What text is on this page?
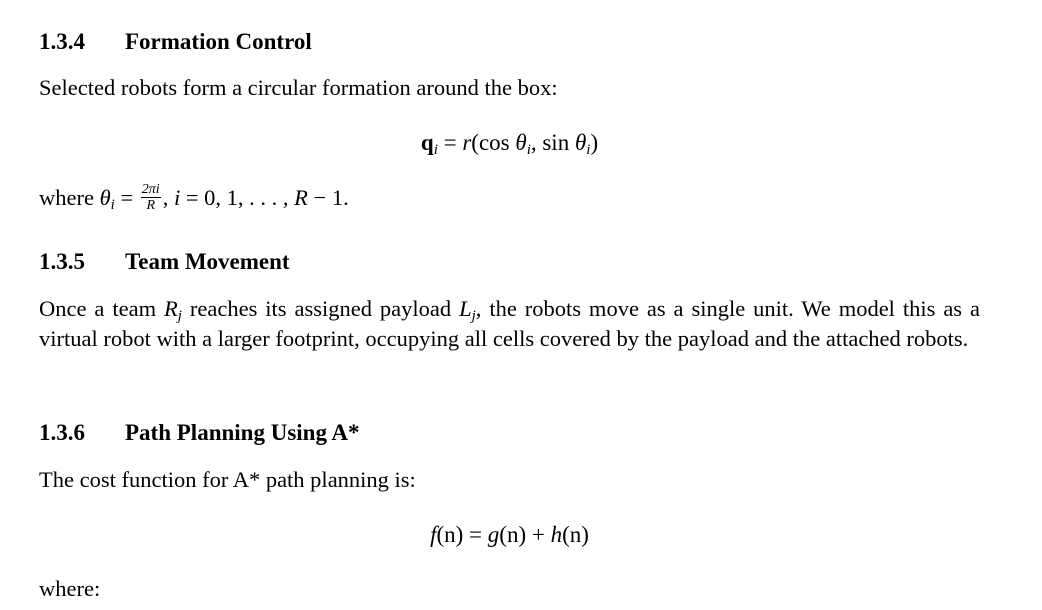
1.3.4 Formation Control
Selected robots form a circular formation around the box:
$q_i = r(\cos$ $\theta_i$, $\sin \theta_i$)
where $\theta_i = \frac{2\pi i}{R}$ , i = 0, 1, . . . , R − 1.
1.3.5 Team Movement
Once a team $R_j$ reaches its assigned payload $L_j$, the robots move as a single unit. We model this as a virtual robot with a larger footprint, occupying all cells covered by the payload and the attached robots.
1.3.6 Path Planning Using A*
The cost function for A* path planning is:
f(n) = g(n) + h(n)
where:
